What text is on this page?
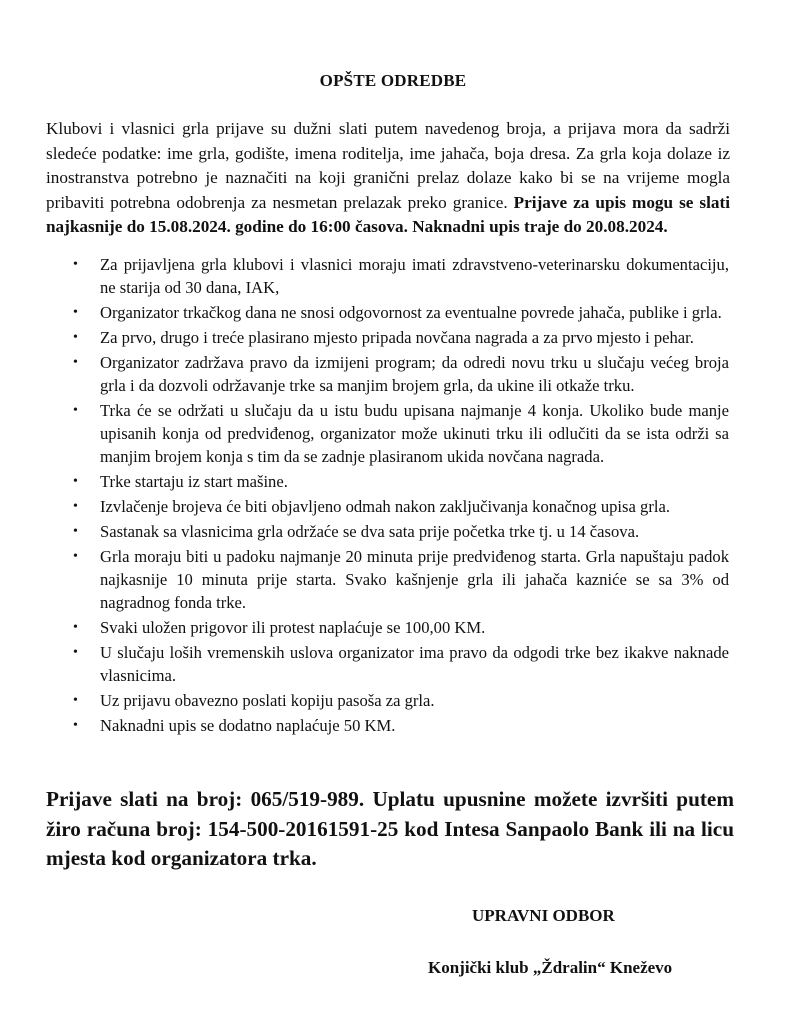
OPŠTE ODREDBE

Klubovi i vlasnici grla prijave su dužni slati putem navedenog broja, a prijava mora da sadrži sledeće podatke: ime grla, godište, imena roditelja, ime jahača, boja dresa. Za grla koja dolaze iz inostranstva potrebno je naznačiti na koji granični prelaz dolaze kako bi se na vrijeme mogla pribaviti potrebna odobrenja za nesmetan prelazak preko granice. Prijave za upis mogu se slati najkasnije do 15.08.2024. godine do 16:00 časova. Naknadni upis traje do 20.08.2024.

• Za prijavljena grla klubovi i vlasnici moraju imati zdravstveno-veterinarsku dokumentaciju, ne starija od 30 dana, IAK,
• Organizator trkačkog dana ne snosi odgovornost za eventualne povrede jahača, publike i grla.
• Za prvo, drugo i treće plasirano mjesto pripada novčana nagrada a za prvo mjesto i pehar.
• Organizator zadržava pravo da izmijeni program; da odredi novu trku u slučaju većeg broja grla i da dozvoli održavanje trke sa manjim brojem grla, da ukine ili otkaže trku.
• Trka će se održati u slučaju da u istu budu upisana najmanje 4 konja. Ukoliko bude manje upisanih konja od predviđenog, organizator može ukinuti trku ili odlučiti da se ista održi sa manjim brojem konja s tim da se zadnje plasiranom ukida novčana nagrada.
• Trke startaju iz start mašine.
• Izvlačenje brojeva će biti objavljeno odmah nakon zaključivanja konačnog upisa grla.
• Sastanak sa vlasnicima grla održaće se dva sata prije početka trke tj. u 14 časova.
• Grla moraju biti u padoku najmanje 20 minuta prije predviđenog starta. Grla napuštaju padok najkasnije 10 minuta prije starta. Svako kašnjenje grla ili jahača kazniće se sa 3% od nagradnog fonda trke.
• Svaki uložen prigovor ili protest naplaćuje se 100,00 KM.
• U slučaju loših vremenskih uslova organizator ima pravo da odgodi trke bez ikakve naknade vlasnicima.
• Uz prijavu obavezno poslati kopiju pasoša za grla.
• Naknadni upis se dodatno naplaćuje 50 KM.

Prijave slati na broj: 065/519-989. Uplatu upusnine možete izvršiti putem žiro računa broj: 154-500-20161591-25 kod Intesa Sanpaolo Bank ili na licu mjesta kod organizatora trka.

UPRAVNI ODBOR
Konjički klub „Ždralin“ Kneževo
